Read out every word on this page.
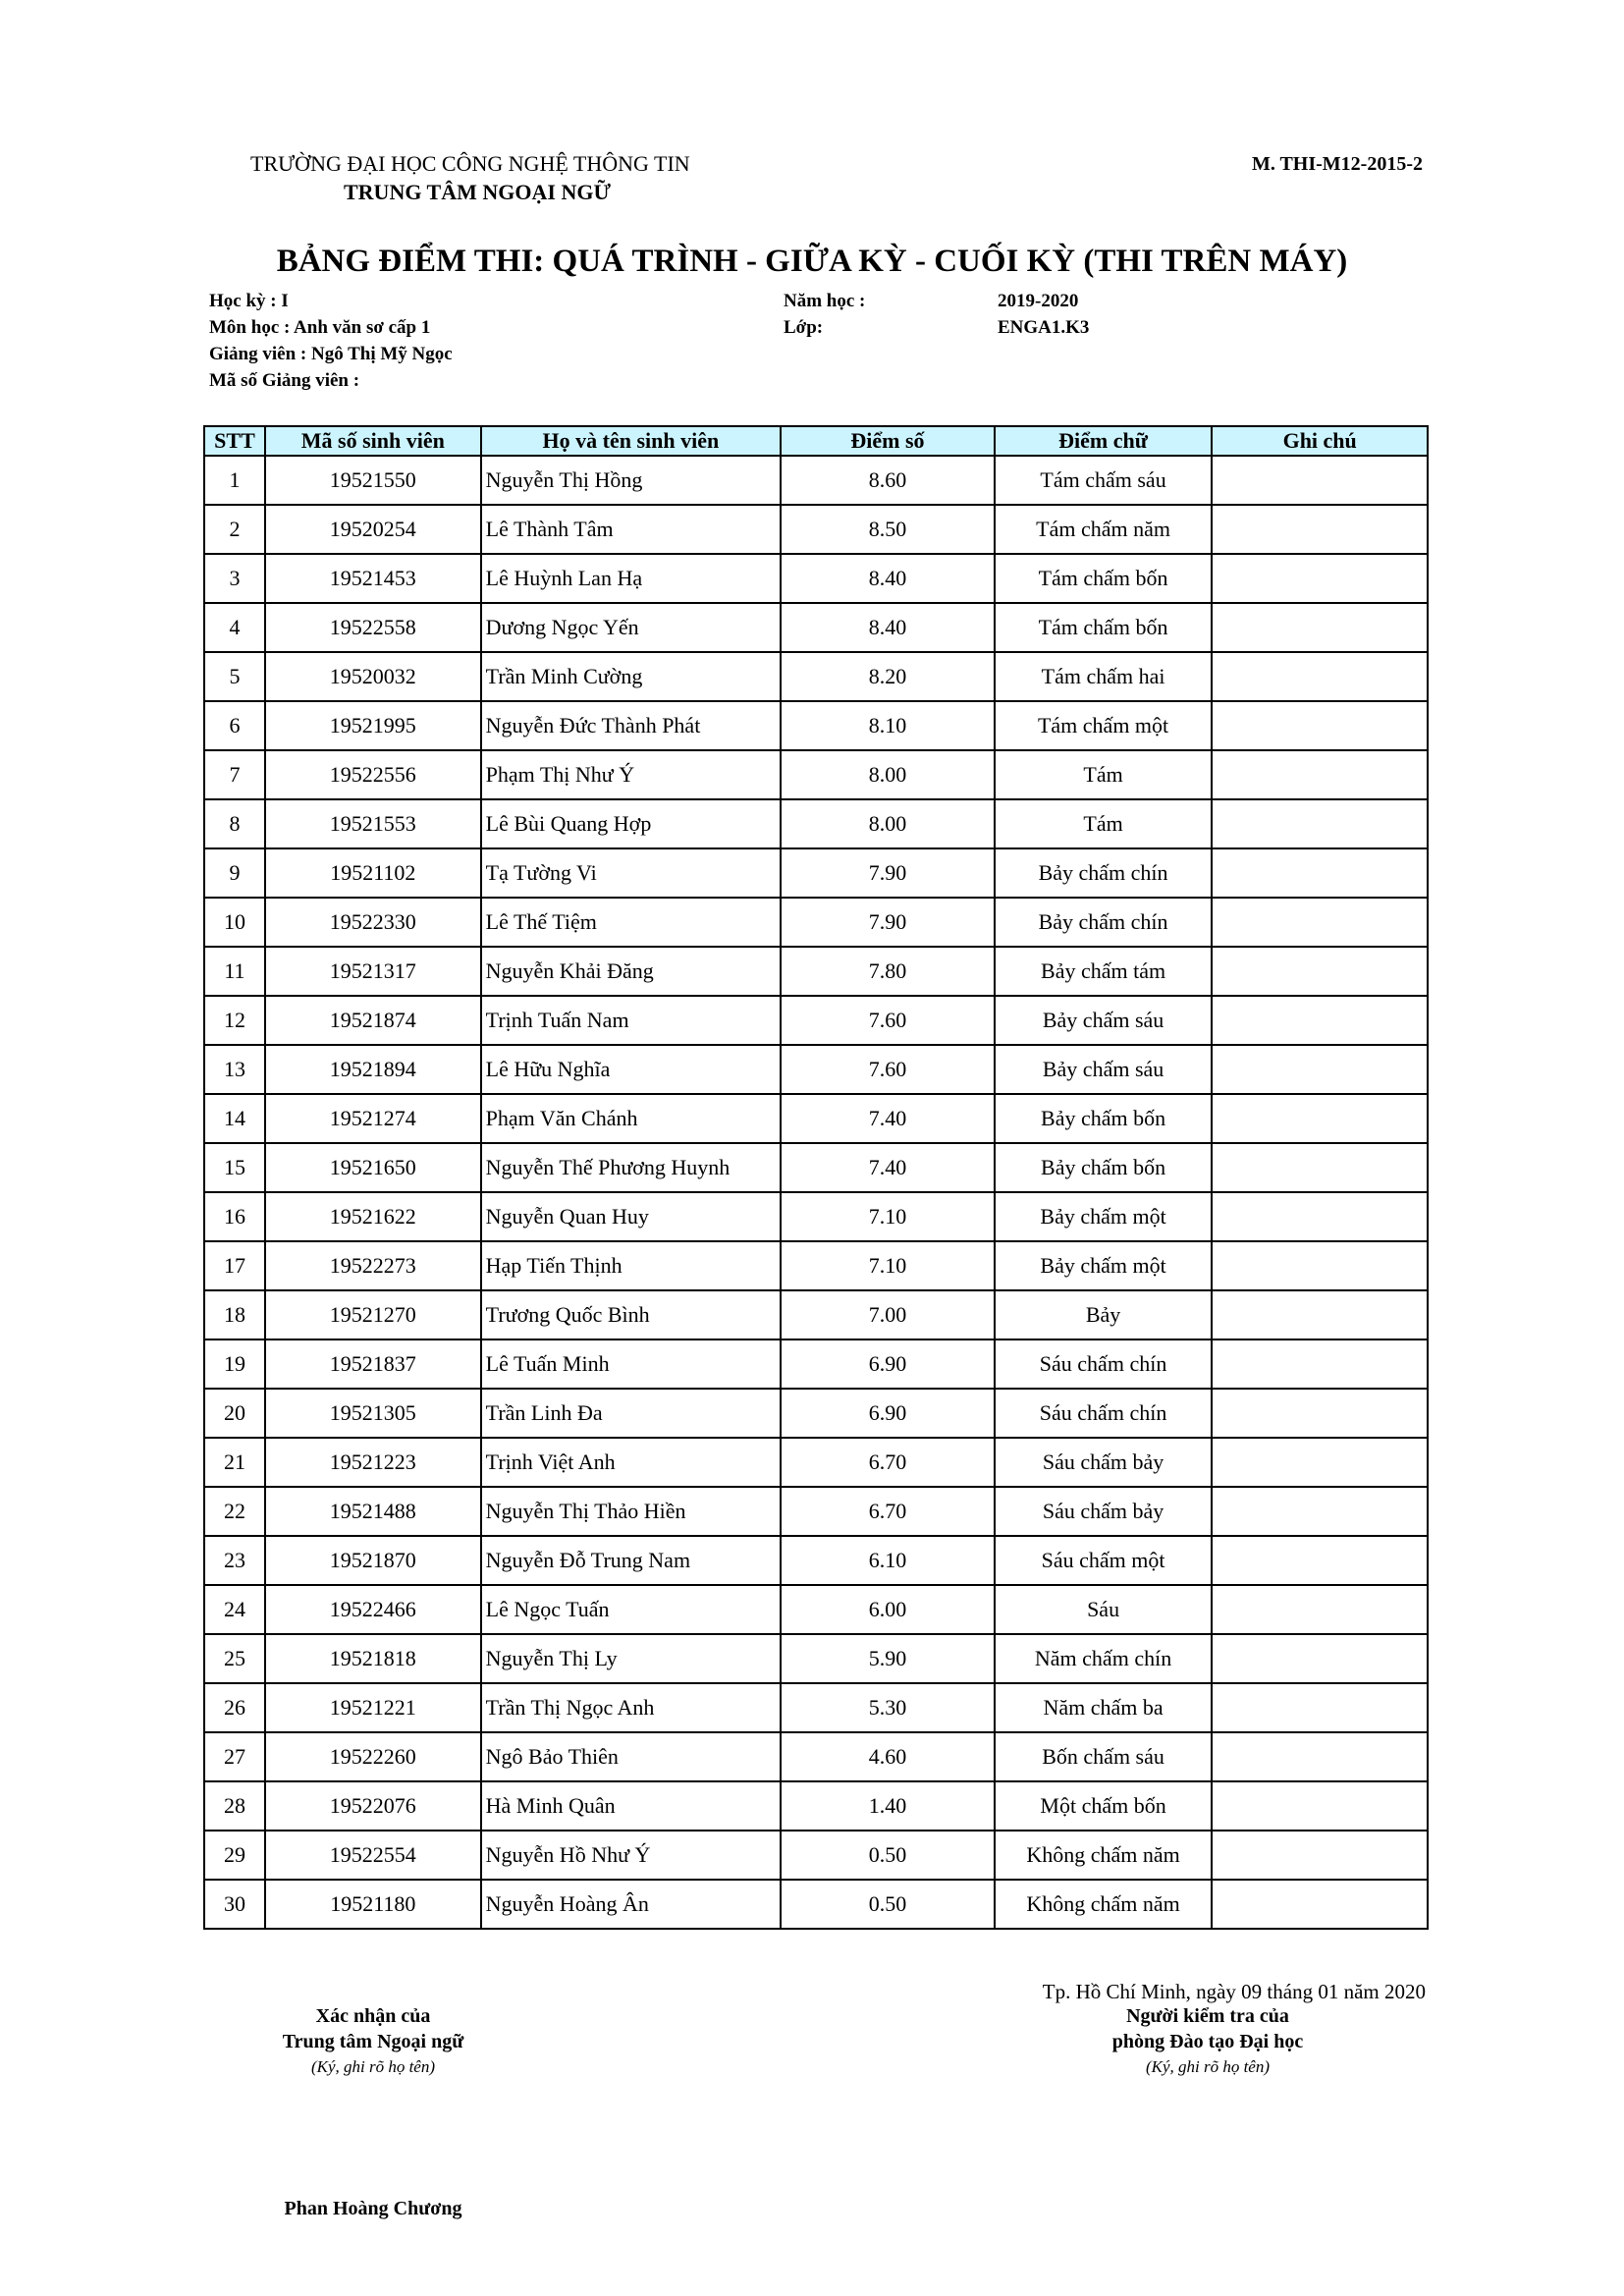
TRƯỜNG ĐẠI HỌC CÔNG NGHỆ THÔNG TIN
TRUNG TÂM NGOẠI NGỮ
M. THI-M12-2015-2
BẢNG ĐIỂM THI: QUÁ TRÌNH - GIỮA KỲ - CUỐI KỲ (THI TRÊN MÁY)
Học kỳ : I	Năm học :	2019-2020
Môn học : Anh văn sơ cấp 1	Lớp:	ENGA1.K3
Giảng viên : Ngô Thị Mỹ Ngọc
Mã số Giảng viên :
STT	Mã số sinh viên	Họ và tên sinh viên	Điểm số	Điểm chữ	Ghi chú
1	19521550	Nguyễn Thị Hồng	8.60	Tám chấm sáu	
2	19520254	Lê Thành Tâm	8.50	Tám chấm năm	
3	19521453	Lê Huỳnh Lan Hạ	8.40	Tám chấm bốn	
4	19522558	Dương Ngọc Yến	8.40	Tám chấm bốn	
5	19520032	Trần Minh Cường	8.20	Tám chấm hai	
6	19521995	Nguyễn Đức Thành Phát	8.10	Tám chấm một	
7	19522556	Phạm Thị Như Ý	8.00	Tám	
8	19521553	Lê Bùi Quang Hợp	8.00	Tám	
9	19521102	Tạ Tường Vi	7.90	Bảy chấm chín	
10	19522330	Lê Thế Tiệm	7.90	Bảy chấm chín	
11	19521317	Nguyễn Khải Đăng	7.80	Bảy chấm tám	
12	19521874	Trịnh Tuấn Nam	7.60	Bảy chấm sáu	
13	19521894	Lê Hữu Nghĩa	7.60	Bảy chấm sáu	
14	19521274	Phạm Văn Chánh	7.40	Bảy chấm bốn	
15	19521650	Nguyễn Thế Phương Huynh	7.40	Bảy chấm bốn	
16	19521622	Nguyễn Quan Huy	7.10	Bảy chấm một	
17	19522273	Hạp Tiến Thịnh	7.10	Bảy chấm một	
18	19521270	Trương Quốc Bình	7.00	Bảy	
19	19521837	Lê Tuấn Minh	6.90	Sáu chấm chín	
20	19521305	Trần Linh Đa	6.90	Sáu chấm chín	
21	19521223	Trịnh Việt Anh	6.70	Sáu chấm bảy	
22	19521488	Nguyễn Thị Thảo Hiền	6.70	Sáu chấm bảy	
23	19521870	Nguyễn Đỗ Trung Nam	6.10	Sáu chấm một	
24	19522466	Lê Ngọc Tuấn	6.00	Sáu	
25	19521818	Nguyễn Thị Ly	5.90	Năm chấm chín	
26	19521221	Trần Thị Ngọc Anh	5.30	Năm chấm ba	
27	19522260	Ngô Bảo Thiên	4.60	Bốn chấm sáu	
28	19522076	Hà Minh Quân	1.40	Một chấm bốn	
29	19522554	Nguyễn Hồ Như Ý	0.50	Không chấm năm	
30	19521180	Nguyễn Hoàng Ân	0.50	Không chấm năm	
Tp. Hồ Chí Minh, ngày 09 tháng 01 năm 2020
Xác nhận của
Trung tâm Ngoại ngữ
(Ký, ghi rõ họ tên)
Người kiểm tra của
phòng Đào tạo Đại học
(Ký, ghi rõ họ tên)
Phan Hoàng Chương
